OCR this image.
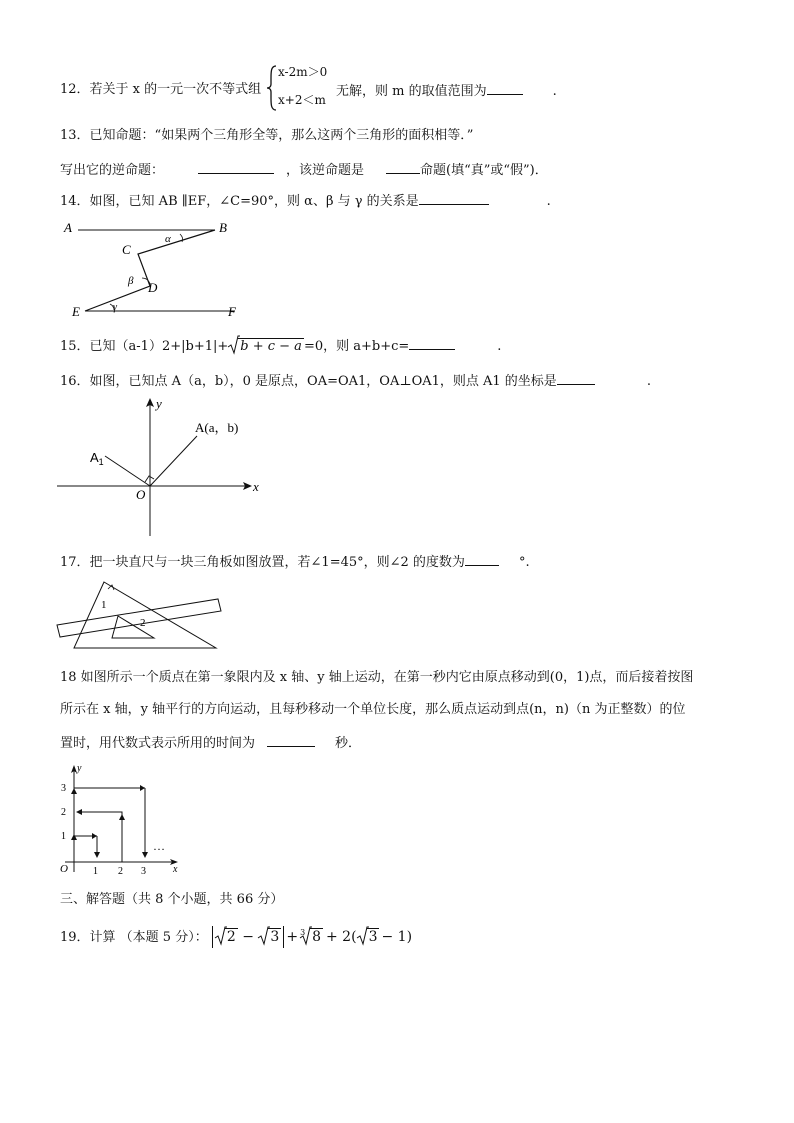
12．若关于 x 的一元一次不等式组
x-2m＞0
x+2＜m
无解，则 m 的取值范围为	.
13．已知命题：“如果两个三角形全等，那么这两个三角形的面积相等．”
写出它的逆命题：	，该逆命题是	命题(填“真”或“假”)．
14．如图，已知 AB ∥EF，∠C=90°，则 α、β 与 γ 的关系是	.
A	B
C
D
E	F
α
β
γ
15．已知（a-1）2+|b+1|+ b + c − a =0，则 a+b+c=	.
16．如图，已知点 A（a，b），0 是原点，OA=OA1，OA⊥OA1，则点 A1 的坐标是	.
y
x
O
A(a，b)
$A_1$
17．把一块直尺与一块三角板如图放置，若∠1=45°，则∠2 的度数为	°.
1
2
18 如图所示一个质点在第一象限内及 x 轴、y 轴上运动，在第一秒内它由原点移动到(0，1)点，而后接着按图
所示在 x 轴，y 轴平行的方向运动，且每秒移动一个单位长度，那么质点运动到点(n，n)（n 为正整数）的位
置时，用代数式表示所用的时间为	秒．
y
x
O	1 2 3
1
2
3
…
三、解答题（共 8 个小题，共 66 分）
19．计算 （本题 5 分）： 2 −
3 + 3 8 + 2( 3 − 1)
